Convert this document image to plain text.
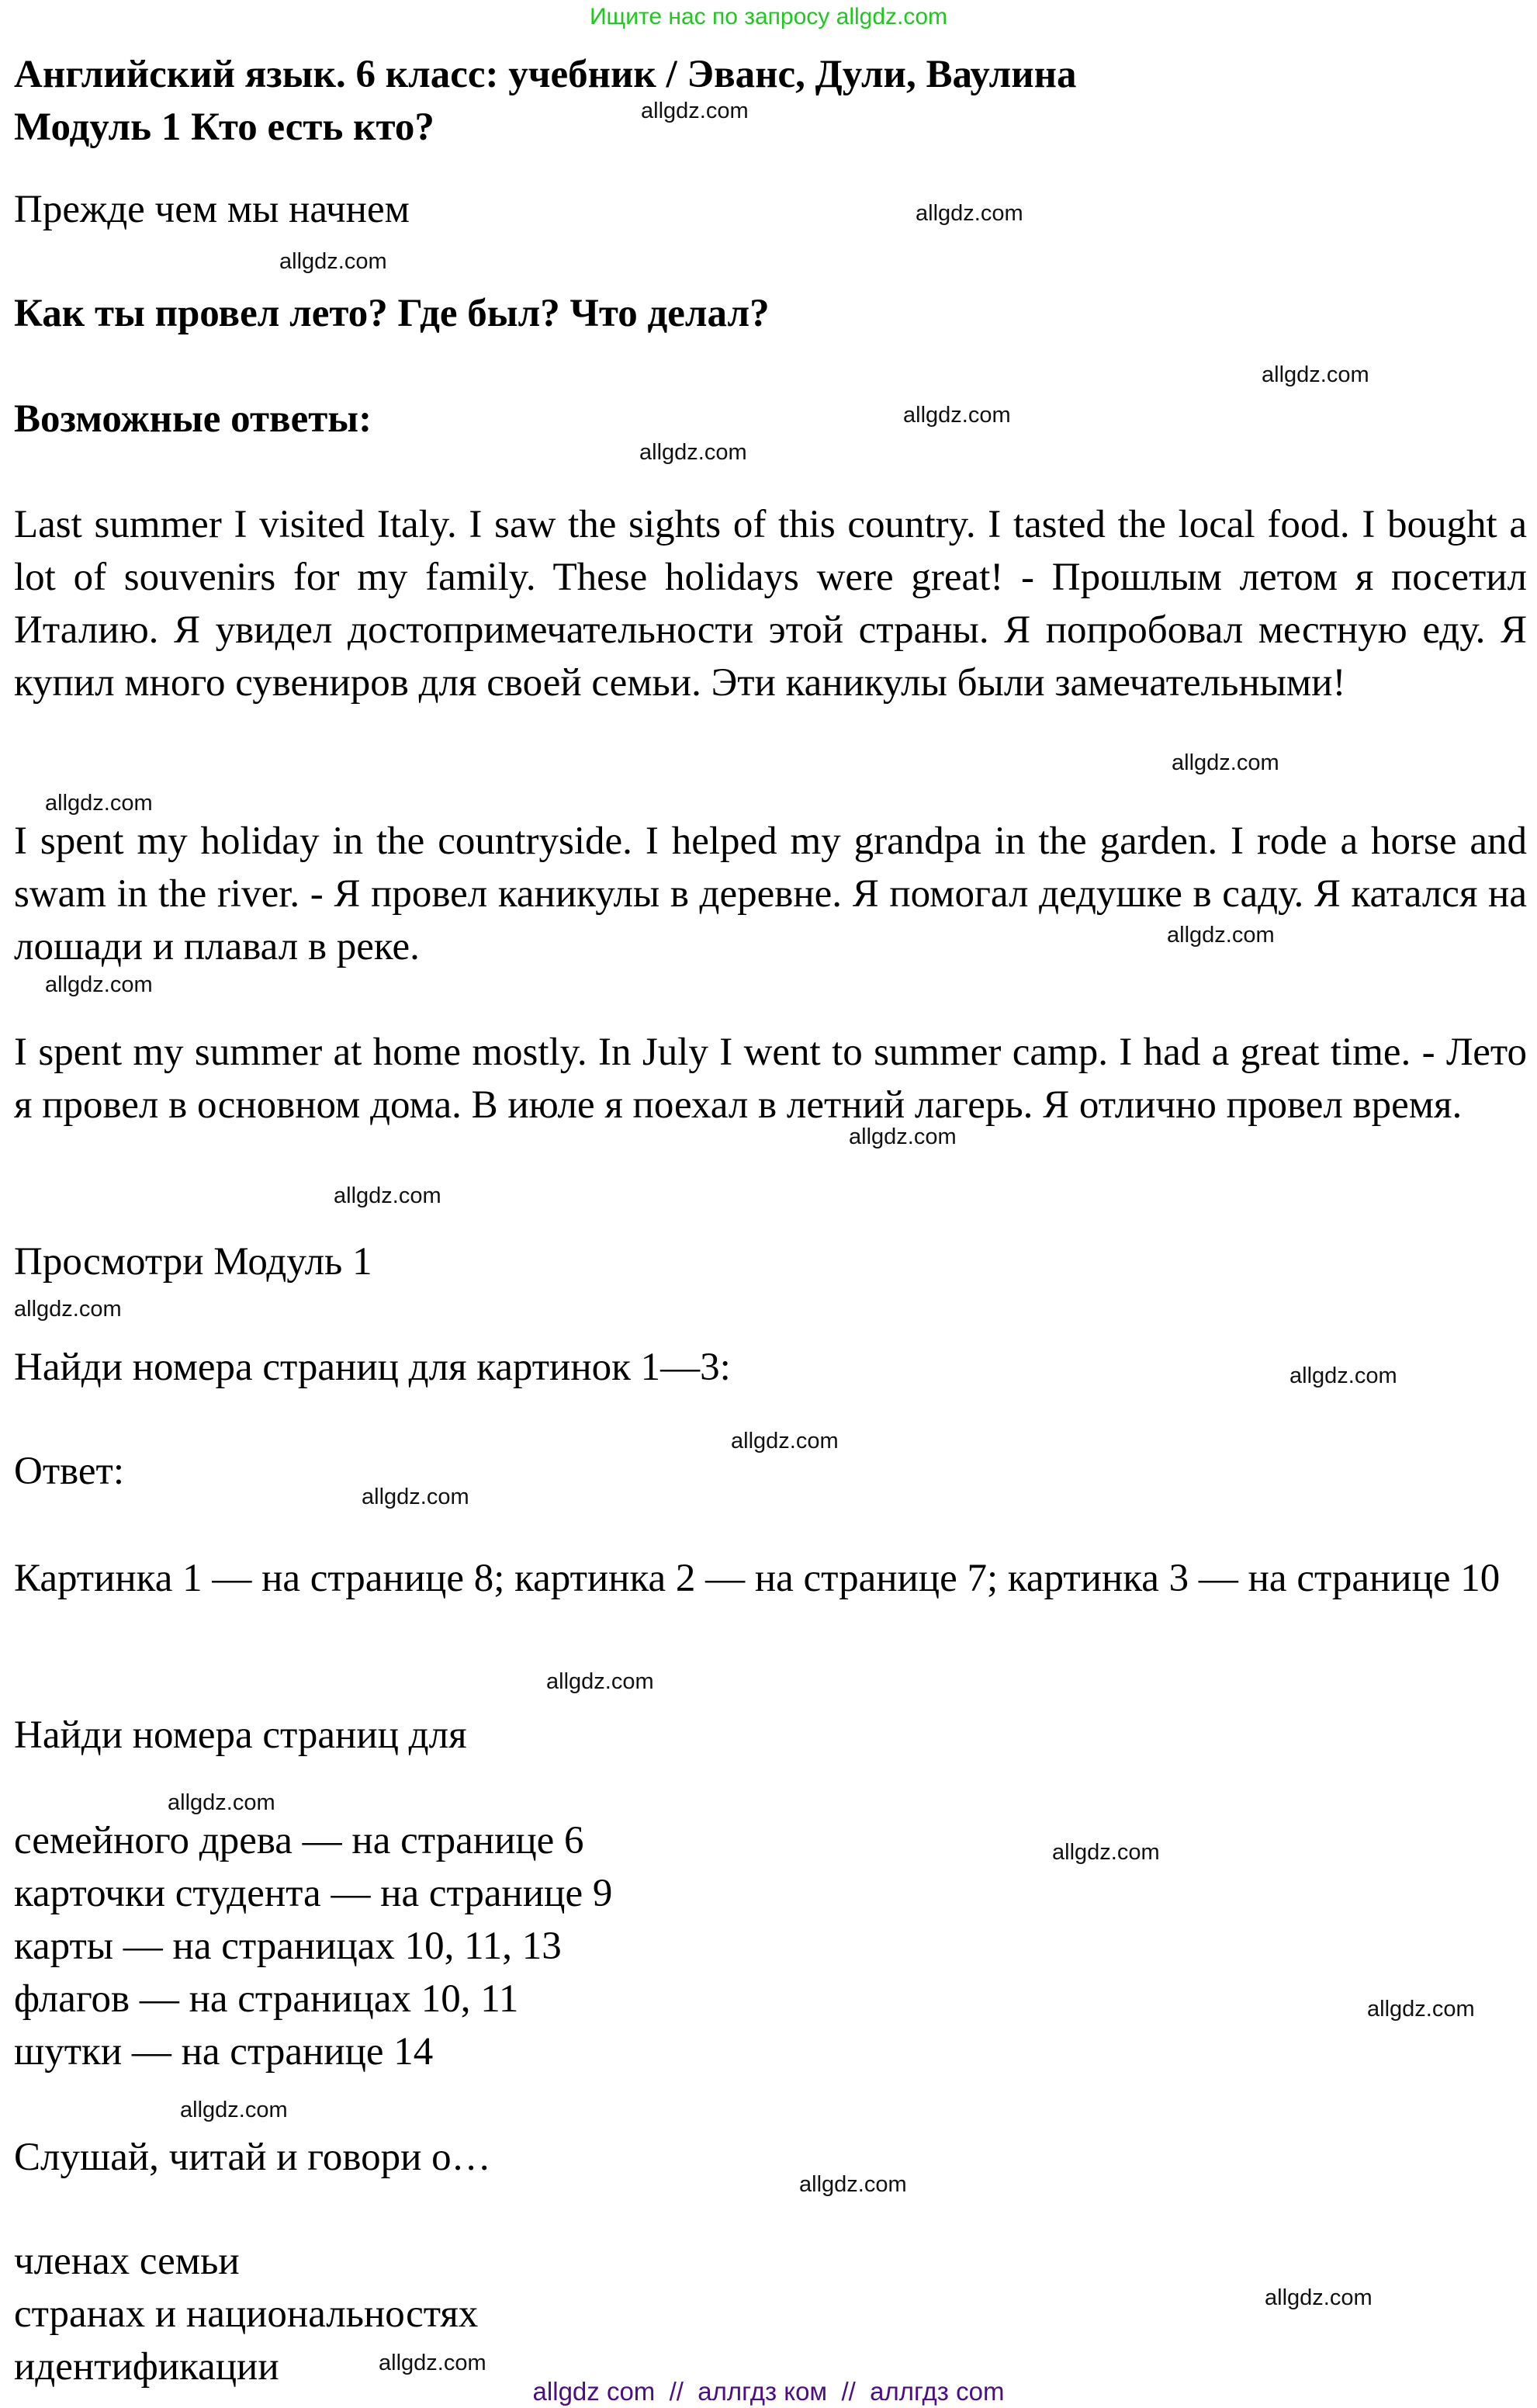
Ищите нас по запросу allgdz.com
Английский язык. 6 класс: учебник / Эванс, Дули, Ваулина
Модуль 1 Кто есть кто?
Прежде чем мы начнем
Как ты провел лето? Где был? Что делал?
Возможные ответы:
Last summer I visited Italy. I saw the sights of this country. I tasted the local food. I bought a lot of souvenirs for my family. These holidays were great! - Прошлым летом я посетил Италию. Я увидел достопримечательности этой страны. Я попробовал местную еду. Я купил много сувениров для своей семьи. Эти каникулы были замечательными!
I spent my holiday in the countryside. I helped my grandpa in the garden. I rode a horse and swam in the river. - Я провел каникулы в деревне. Я помогал дедушке в саду. Я катался на лошади и плавал в реке.
I spent my summer at home mostly. In July I went to summer camp. I had a great time. - Лето я провел в основном дома. В июле я поехал в летний лагерь. Я отлично провел время.
Просмотри Модуль 1
Найди номера страниц для картинок 1—3:
Ответ:
Картинка 1 — на странице 8; картинка 2 — на странице 7; картинка 3 — на странице 10
Найди номера страниц для
семейного древа — на странице 6
карточки студента — на странице 9
карты — на страницах 10, 11, 13
флагов — на страницах 10, 11
шутки — на странице 14
Слушай, читай и говори о…
членах семьи
странах и национальностях
идентификации
allgdz.com
allgdz.com
allgdz.com
allgdz.com
allgdz.com
allgdz.com
allgdz.com
allgdz.com
allgdz.com
allgdz.com
allgdz.com
allgdz.com
allgdz.com
allgdz.com
allgdz.com
allgdz.com
allgdz.com
allgdz.com
allgdz.com
allgdz.com
allgdz.com
allgdz.com
allgdz.com
allgdz.com
allgdz com  //  аллгдз ком  //  аллгдз com
